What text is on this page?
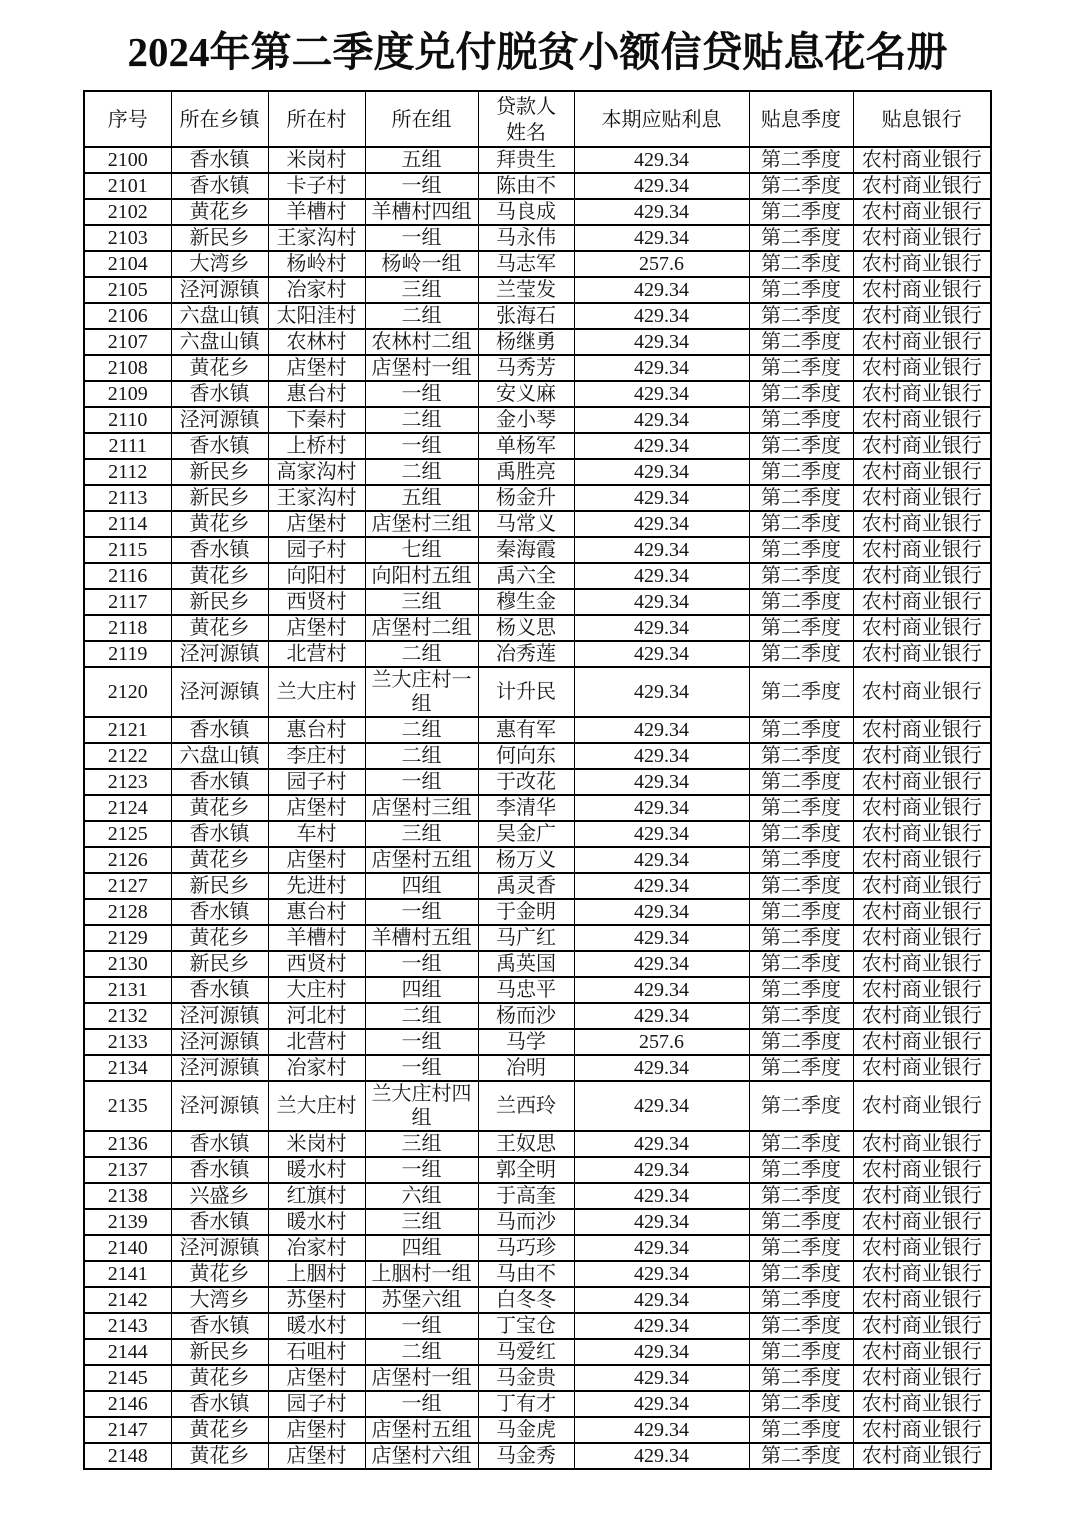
2024年第二季度兑付脱贫小额信贷贴息花名册
序号	所在乡镇	所在村	所在组	贷款人姓名	本期应贴利息	贴息季度	贴息银行
2100	香水镇	米岗村	五组	拜贵生	429.34	第二季度	农村商业银行
2101	香水镇	卡子村	一组	陈由不	429.34	第二季度	农村商业银行
2102	黄花乡	羊槽村	羊槽村四组	马良成	429.34	第二季度	农村商业银行
2103	新民乡	王家沟村	一组	马永伟	429.34	第二季度	农村商业银行
2104	大湾乡	杨岭村	杨岭一组	马志军	257.6	第二季度	农村商业银行
2105	泾河源镇	冶家村	三组	兰莹发	429.34	第二季度	农村商业银行
2106	六盘山镇	太阳洼村	二组	张海石	429.34	第二季度	农村商业银行
2107	六盘山镇	农林村	农林村二组	杨继勇	429.34	第二季度	农村商业银行
2108	黄花乡	店堡村	店堡村一组	马秀芳	429.34	第二季度	农村商业银行
2109	香水镇	惠台村	一组	安义麻	429.34	第二季度	农村商业银行
2110	泾河源镇	下秦村	二组	金小琴	429.34	第二季度	农村商业银行
2111	香水镇	上桥村	一组	单杨军	429.34	第二季度	农村商业银行
2112	新民乡	高家沟村	二组	禹胜亮	429.34	第二季度	农村商业银行
2113	新民乡	王家沟村	五组	杨金升	429.34	第二季度	农村商业银行
2114	黄花乡	店堡村	店堡村三组	马常义	429.34	第二季度	农村商业银行
2115	香水镇	园子村	七组	秦海霞	429.34	第二季度	农村商业银行
2116	黄花乡	向阳村	向阳村五组	禹六全	429.34	第二季度	农村商业银行
2117	新民乡	西贤村	三组	穆生金	429.34	第二季度	农村商业银行
2118	黄花乡	店堡村	店堡村二组	杨义思	429.34	第二季度	农村商业银行
2119	泾河源镇	北营村	二组	冶秀莲	429.34	第二季度	农村商业银行
2120	泾河源镇	兰大庄村	兰大庄村一组	计升民	429.34	第二季度	农村商业银行
2121	香水镇	惠台村	二组	惠有军	429.34	第二季度	农村商业银行
2122	六盘山镇	李庄村	二组	何向东	429.34	第二季度	农村商业银行
2123	香水镇	园子村	一组	于改花	429.34	第二季度	农村商业银行
2124	黄花乡	店堡村	店堡村三组	李清华	429.34	第二季度	农村商业银行
2125	香水镇	车村	三组	吴金广	429.34	第二季度	农村商业银行
2126	黄花乡	店堡村	店堡村五组	杨万义	429.34	第二季度	农村商业银行
2127	新民乡	先进村	四组	禹灵香	429.34	第二季度	农村商业银行
2128	香水镇	惠台村	一组	于金明	429.34	第二季度	农村商业银行
2129	黄花乡	羊槽村	羊槽村五组	马广红	429.34	第二季度	农村商业银行
2130	新民乡	西贤村	一组	禹英国	429.34	第二季度	农村商业银行
2131	香水镇	大庄村	四组	马忠平	429.34	第二季度	农村商业银行
2132	泾河源镇	河北村	二组	杨而沙	429.34	第二季度	农村商业银行
2133	泾河源镇	北营村	一组	马学	257.6	第二季度	农村商业银行
2134	泾河源镇	冶家村	一组	冶明	429.34	第二季度	农村商业银行
2135	泾河源镇	兰大庄村	兰大庄村四组	兰西玲	429.34	第二季度	农村商业银行
2136	香水镇	米岗村	三组	王奴思	429.34	第二季度	农村商业银行
2137	香水镇	暖水村	一组	郭全明	429.34	第二季度	农村商业银行
2138	兴盛乡	红旗村	六组	于高奎	429.34	第二季度	农村商业银行
2139	香水镇	暖水村	三组	马而沙	429.34	第二季度	农村商业银行
2140	泾河源镇	冶家村	四组	马巧珍	429.34	第二季度	农村商业银行
2141	黄花乡	上胭村	上胭村一组	马由不	429.34	第二季度	农村商业银行
2142	大湾乡	苏堡村	苏堡六组	白冬冬	429.34	第二季度	农村商业银行
2143	香水镇	暖水村	一组	丁宝仓	429.34	第二季度	农村商业银行
2144	新民乡	石咀村	二组	马爱红	429.34	第二季度	农村商业银行
2145	黄花乡	店堡村	店堡村一组	马金贵	429.34	第二季度	农村商业银行
2146	香水镇	园子村	一组	丁有才	429.34	第二季度	农村商业银行
2147	黄花乡	店堡村	店堡村五组	马金虎	429.34	第二季度	农村商业银行
2148	黄花乡	店堡村	店堡村六组	马金秀	429.34	第二季度	农村商业银行
